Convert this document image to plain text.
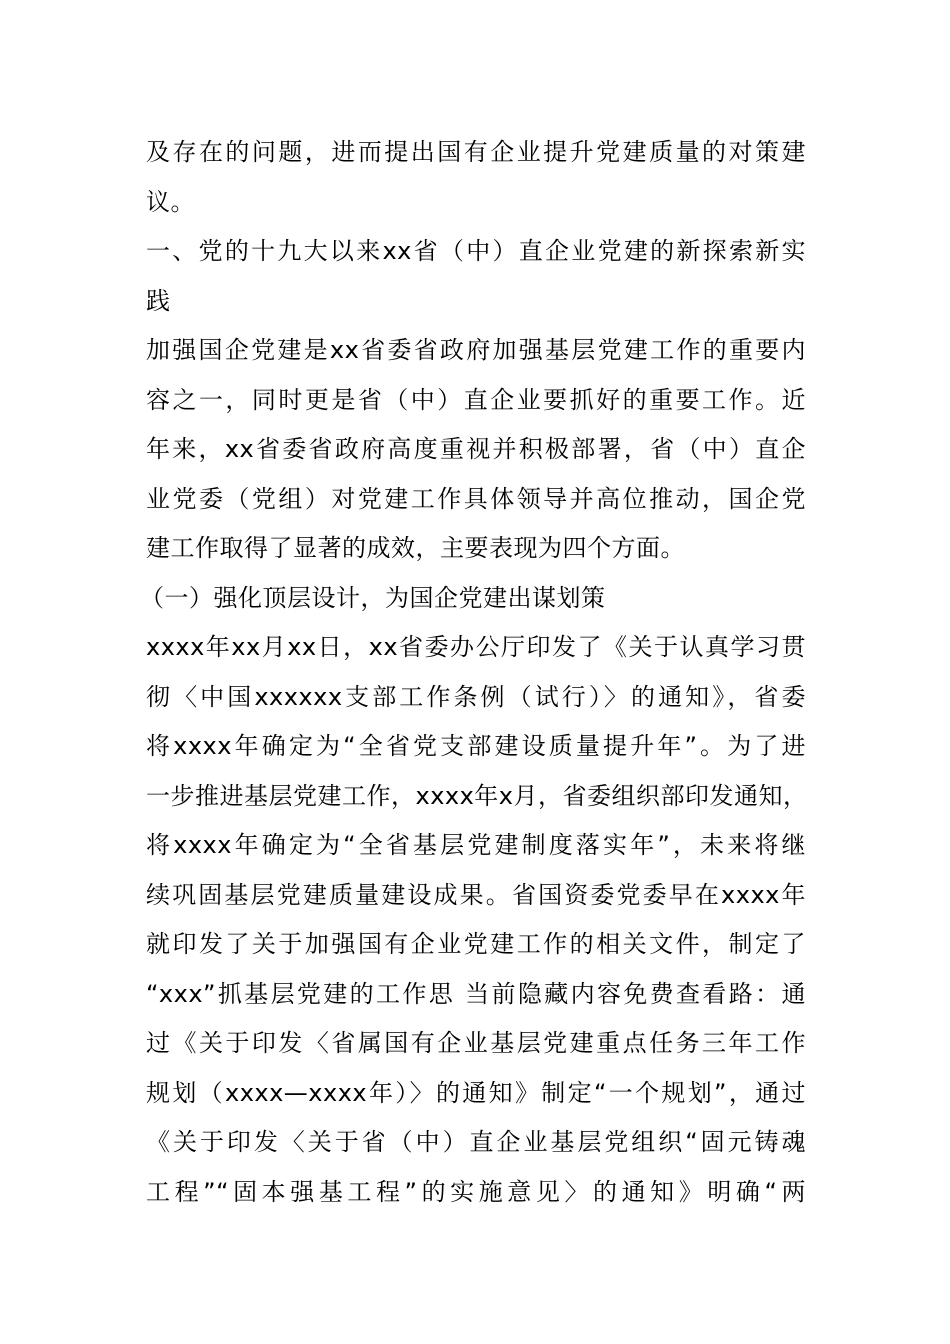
及存在的问题，进而提出国有企业提升党建质量的对策建
议。
一、党的十九大以来xx省（中）直企业党建的新探索新实
践
加强国企党建是xx省委省政府加强基层党建工作的重要内
容之一，同时更是省（中）直企业要抓好的重要工作。近
年来，xx省委省政府高度重视并积极部署，省（中）直企
业党委（党组）对党建工作具体领导并高位推动，国企党
建工作取得了显著的成效，主要表现为四个方面。
（一）强化顶层设计，为国企党建出谋划策
xxxx年xx月xx日，xx省委办公厅印发了《关于认真学习贯
彻〈中国xxxxxx支部工作条例（试行）〉的通知》，省委
将xxxx年确定为“全省党支部建设质量提升年”。为了进
一步推进基层党建工作，xxxx年x月，省委组织部印发通知，
将xxxx年确定为“全省基层党建制度落实年”，未来将继
续巩固基层党建质量建设成果。省国资委党委早在xxxx年
就印发了关于加强国有企业党建工作的相关文件，制定了
“xxx”抓基层党建的工作思 当前隐藏内容免费查看路：通
过《关于印发〈省属国有企业基层党建重点任务三年工作
规划（xxxx—xxxx年）〉的通知》制定“一个规划”，通过
《关于印发〈关于省（中）直企业基层党组织“固元铸魂
工程”“固本强基工程”的实施意见〉的通知》明确“两
